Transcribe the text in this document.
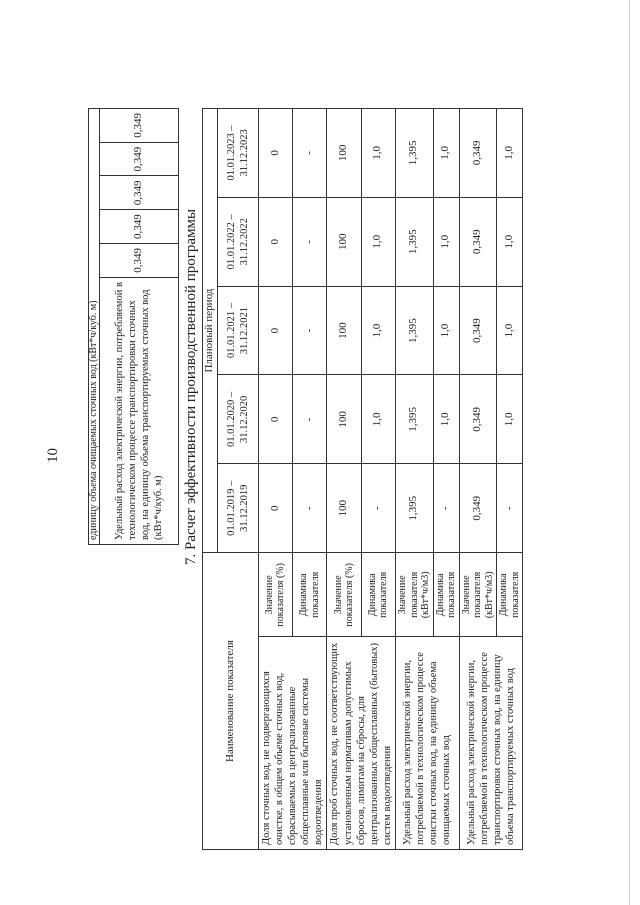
10	единицу объема очищаемых сточных вод (кВт*ч/куб. м)
Удельный расход электрической энергии, потребляемой в технологическом процессе транспортировки сточных вод, на единицу объема транспортируемых сточных вод (кВт*ч/куб. м)	0,349	0,349	0,349	0,349	0,349
7. Расчет эффективности производственной программы
Наименование показателя		Плановый период				
		01.01.2019 – 31.12.2019	01.01.2020 – 31.12.2020	01.01.2021 – 31.12.2021	01.01.2022 – 31.12.2022	01.01.2023 – 31.12.2023
Доля сточных вод, не подвергающихся очистке, в общем объеме сточных вод, сбрасываемых в централизованные общесплавные или бытовые системы водоотведения	Значение показателя (%)	0	0	0	0	0
	Динамика показателя	-	-	-	-	-
Доля проб сточных вод, не соответствующих установленным нормативам допустимых сбросов, лимитам на сбросы, для централизованных общесплавных (бытовых) систем водоотведения	Значение показателя (%)	100	100	100	100	100
	Динамика показателя	-	1,0	1,0	1,0	1,0
Удельный расход электрической энергии, потребляемой в технологическом процессе очистки сточных вод, на единицу объема очищаемых сточных вод	Значение показателя (кВт*ч/м3)	1,395	1,395	1,395	1,395	1,395
	Динамика показателя	-	1,0	1,0	1,0	1,0
Удельный расход электрической энергии, потребляемой в технологическом процессе транспортировки сточных вод, на единицу объема транспортируемых сточных вод	Значение показателя (кВт*ч/м3)	0,349	0,349	0,349	0,349	0,349
	Динамика показателя	-	1,0	1,0	1,0	1,0
